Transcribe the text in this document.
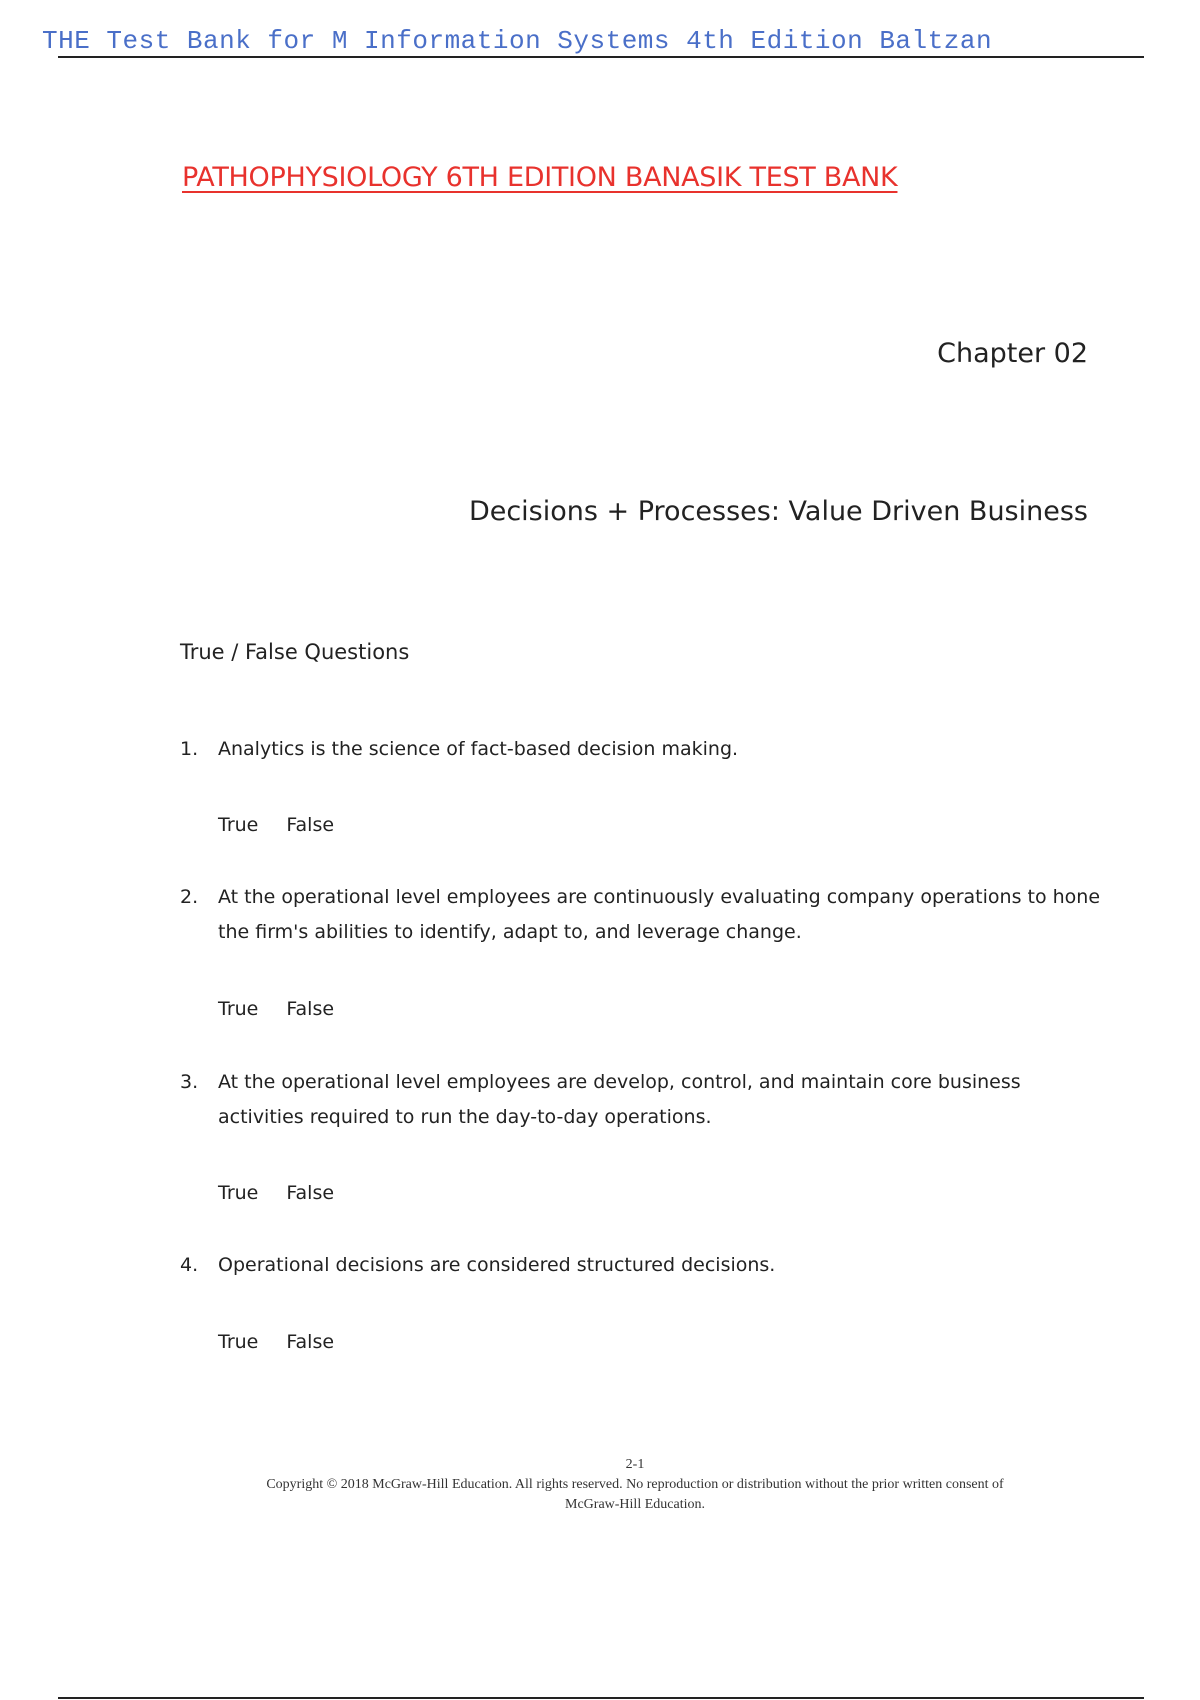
THE Test Bank for M Information Systems 4th Edition Baltzan
PATHOPHYSIOLOGY 6TH EDITION BANASIK TEST BANK
Chapter 02
Decisions + Processes: Value Driven Business
True / False Questions
1.	Analytics is the science of fact-based decision making.
True False
2.	At the operational level employees are continuously evaluating company operations to hone the firm's abilities to identify, adapt to, and leverage change.
True False
3.	At the operational level employees are develop, control, and maintain core business activities required to run the day-to-day operations.
True False
4.	Operational decisions are considered structured decisions.
True False
2-1
Copyright © 2018 McGraw-Hill Education. All rights reserved. No reproduction or distribution without the prior written consent of
McGraw-Hill Education.
